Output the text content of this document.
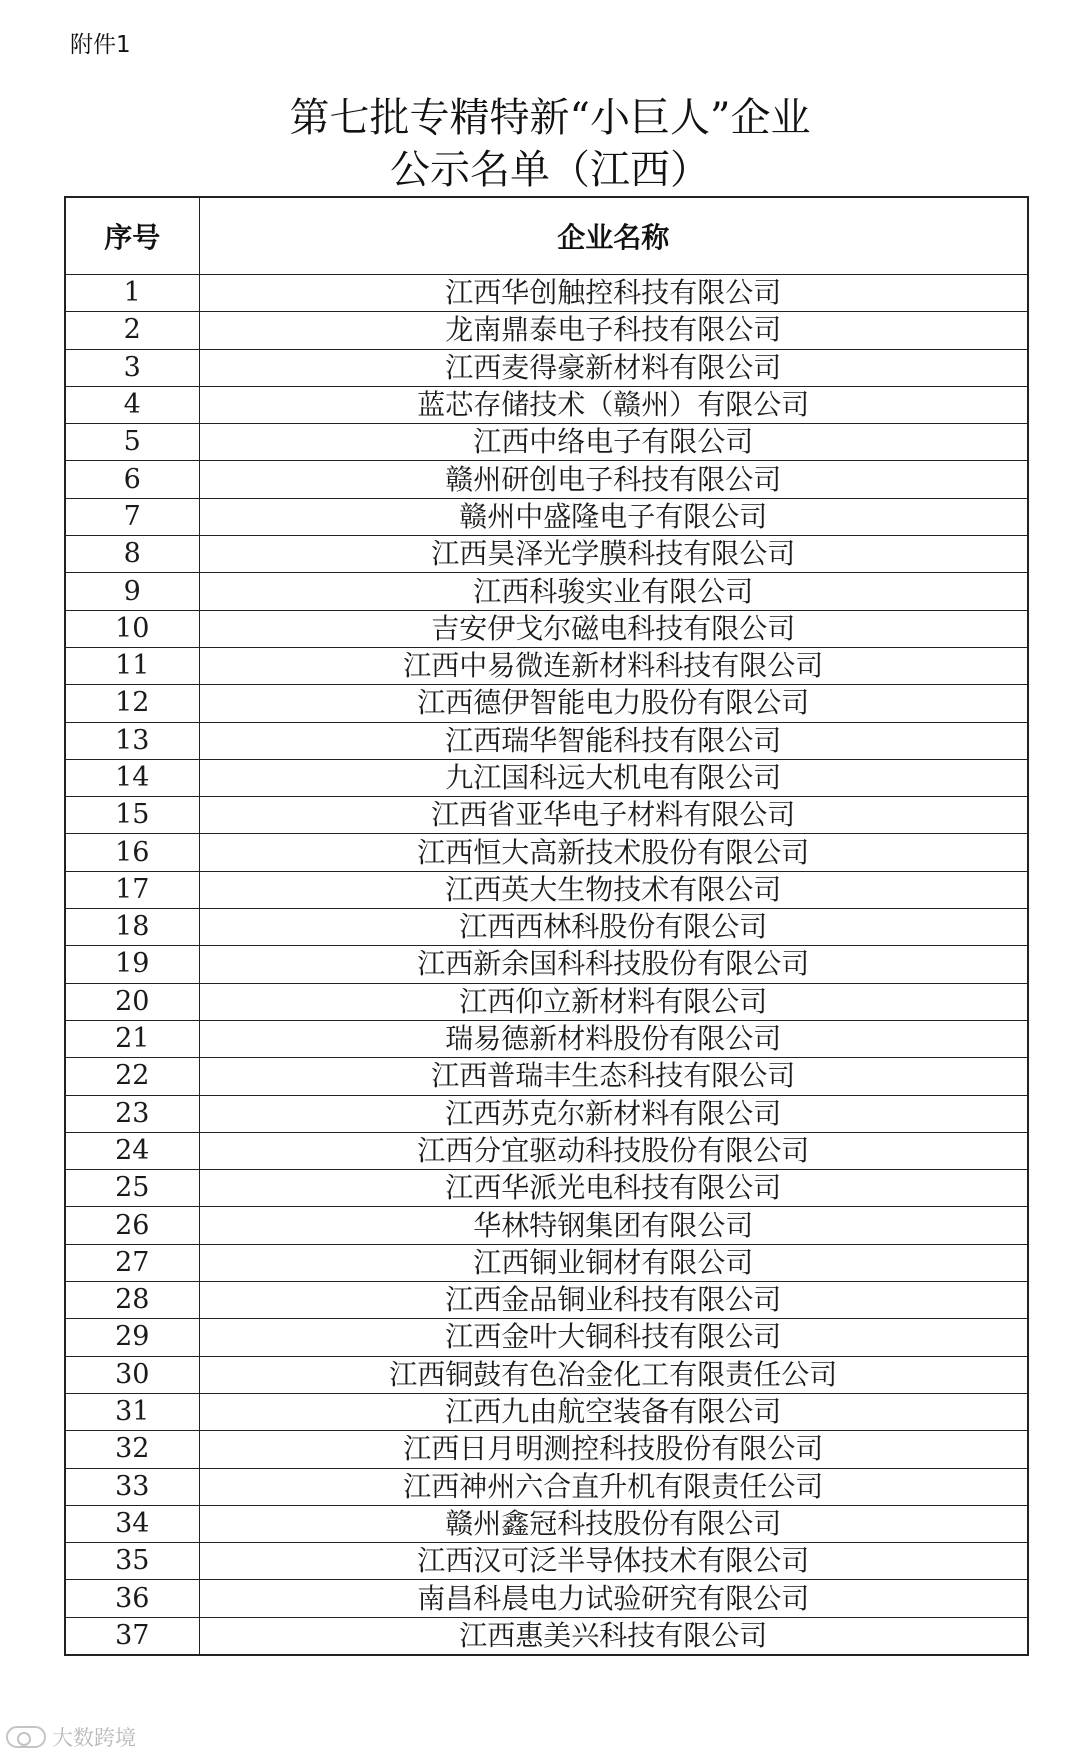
附件1
第七批专精特新“小巨人”企业
公示名单（江西）
序号	企业名称
1	江西华创触控科技有限公司
2	龙南鼎泰电子科技有限公司
3	江西麦得豪新材料有限公司
4	蓝芯存储技术（赣州）有限公司
5	江西中络电子有限公司
6	赣州研创电子科技有限公司
7	赣州中盛隆电子有限公司
8	江西昊泽光学膜科技有限公司
9	江西科骏实业有限公司
10	吉安伊戈尔磁电科技有限公司
11	江西中易微连新材料科技有限公司
12	江西德伊智能电力股份有限公司
13	江西瑞华智能科技有限公司
14	九江国科远大机电有限公司
15	江西省亚华电子材料有限公司
16	江西恒大高新技术股份有限公司
17	江西英大生物技术有限公司
18	江西西林科股份有限公司
19	江西新余国科科技股份有限公司
20	江西仰立新材料有限公司
21	瑞易德新材料股份有限公司
22	江西普瑞丰生态科技有限公司
23	江西苏克尔新材料有限公司
24	江西分宜驱动科技股份有限公司
25	江西华派光电科技有限公司
26	华林特钢集团有限公司
27	江西铜业铜材有限公司
28	江西金品铜业科技有限公司
29	江西金叶大铜科技有限公司
30	江西铜鼓有色冶金化工有限责任公司
31	江西九由航空装备有限公司
32	江西日月明测控科技股份有限公司
33	江西神州六合直升机有限责任公司
34	赣州鑫冠科技股份有限公司
35	江西汉可泛半导体技术有限公司
36	南昌科晨电力试验研究有限公司
37	江西惠美兴科技有限公司
大数跨境
